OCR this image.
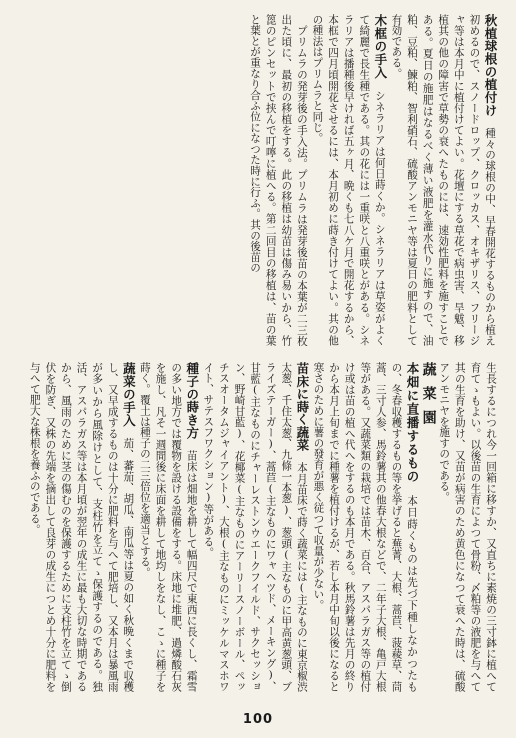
秋植球根の植付け　種々の球根の中、早春開花するものから植え初めるので、スノードロップ、クロッカス、オキザリス、フリージャ等は本月中に植付けてよい。花壇にする草花で病虫害、旱魃、移植其の他の障害で草勢の衰へたものには、速効性肥料を施すことである。夏日の施肥はなるべく薄い液肥を灌水代りに施すので、油粕、豆粕、鰊粕、智利硝石、硫酸アンモニヤ等は夏日の肥料として有効である。

木框の手入　シネラリアは何日蒔くか。シネラリアは草姿がよくて綺麗で長生種である。其の花には一重咲と八重咲とがある。シネラリアは播種後早ければ五ヶ月、晩くも七八ケ月で開花するから、本框で四月頃開花させるには、本月初めに蒔き付けてよい。其の他の種法はプリムラと同じ。

プリムラの発芽後の手入法。プリムラは発芽後苗の本葉が二三枚出た頃に、最初の移植をする。此の移植は幼苗は傷み易いから、竹箆のピンセットで挟んで叮嚀に植へる。第二回目の移植は、苗の葉と葉とが重なり合ふ位になつた時に行ふ。其の後苗の

生長するにつれ今一回箱に移すか、又直ちに素焼の三寸鉢に植へて育てゝもよい。以後苗の生育によつて骨粉、〆粕等の液肥を与へて其の生育を助け、又苗が病害のため黄色になつて衰へた時は、硫酸アンモニヤを施すのである。

蔬菜園

本畑に直播するもの　本日蒔くものは先づ下種しなかつたもの、冬春収穫するもの等を挙げると蕪菁、大根、蒿苣、菠薐草、茼蒿、三寸人参、馬鈴薯其の他春大根などで、二年子大根、亀戸大根等がある。又蔬菜類の栽培では苗木、百合、アスパラガス等の植付け或は苗の植へ代へをするのも本月である。秋馬鈴薯は先月の終りから本月上旬までに種薯を植付けるが、若し本月中旬以後になると寒さのために薯の發育が悪く従つて収量が少ない。

苗床に蒔く蔬菜　本月苗床で蒔く蔬菜には(主なものに東京椒渋太葱、千住太葱、九條一本葱)、葱頭(主なものに甲高黄葱頭、ブライズテーガー)、蒿苣(主なものにワャヘツド、メーキング)、甘藍(主なものにチャーレストンウエークフイルド、サクセッション、野崎甘藍)、花椰菜(主なものにアーリースノーボール、ペッチスオータムジャイアント)、大根(主なものにミッケルマスホワイト、サテスフワクション)等がある。

種子の蒔き方　苗床は畑地を耕して幅四尺で東西に長くし、霜雪の多い地方では覆物を設ける設備をする。床地に堆肥、過燐酸石灰を施し、凡そ一週間後に床面を耕して地均しをなし、こゝに種子を蒔く。覆土は種子の二三倍位を適当とする。

蔬菜の手入　茄、蕃茄、胡瓜、南瓜等は夏の如く秋晩くまで収穫し、又早成するものは十分に肥料を与へて肥培し、又本月は暴風雨が多いから風除けとして、支柱竹を立てゝ保護するのである。独活、アスパラガス等は本月頃が翌年の成生に最も大切な時期であるから、風雨のために茎の傷むのを保護するために支柱竹を立てゝ倒伏を防ぎ、又株の先端を摘出して良芽の成生につとめ十分に肥料を与へて肥大な株根を養ふのである。

100
